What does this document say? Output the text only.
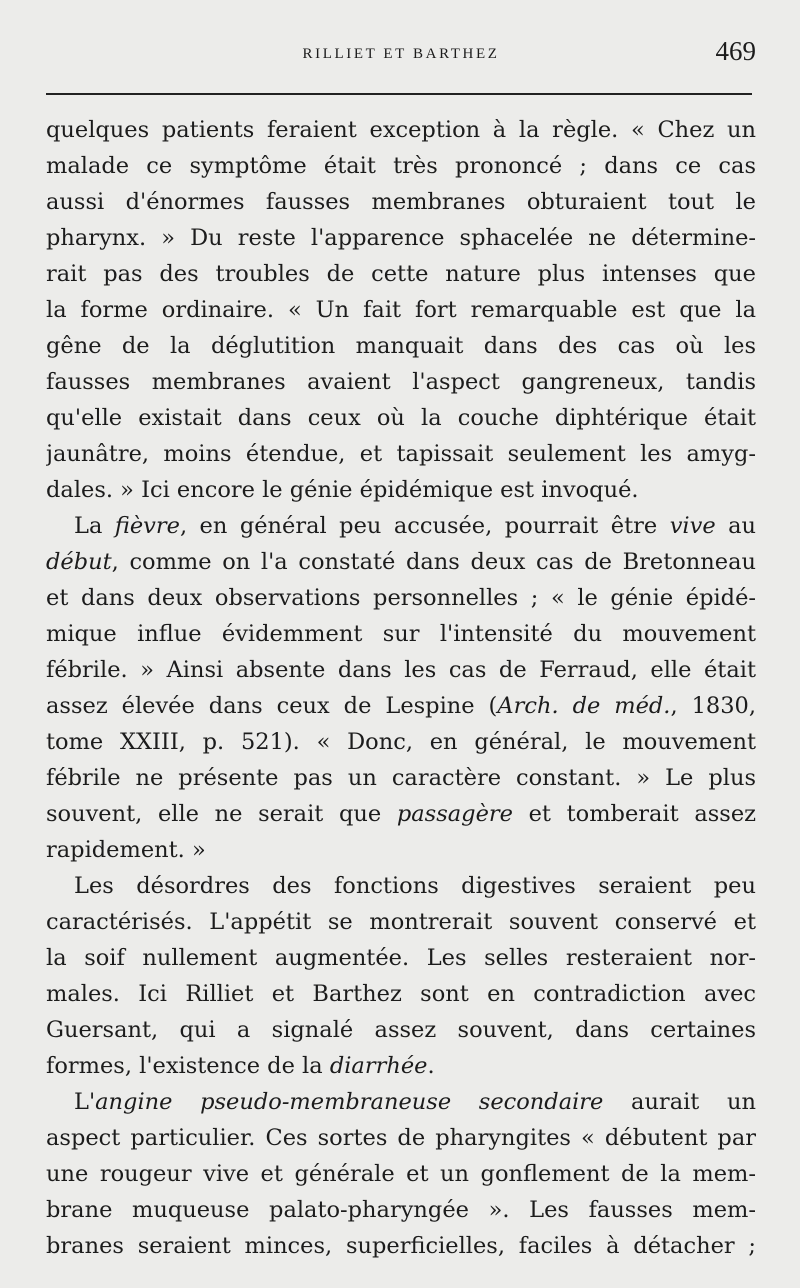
RILLIET ET BARTHEZ	469
quelques patients feraient exception à la règle. « Chez un
malade ce symptôme était très prononcé ; dans ce cas
aussi d'énormes fausses membranes obturaient tout le
pharynx. » Du reste l'apparence sphacelée ne détermine-
rait pas des troubles de cette nature plus intenses que
la forme ordinaire. « Un fait fort remarquable est que la
gêne de la déglutition manquait dans des cas où les
fausses membranes avaient l'aspect gangreneux, tandis
qu'elle existait dans ceux où la couche diphtérique était
jaunâtre, moins étendue, et tapissait seulement les amyg-
dales. » Ici encore le génie épidémique est invoqué.
La fièvre, en général peu accusée, pourrait être vive au
début, comme on l'a constaté dans deux cas de Bretonneau
et dans deux observations personnelles ; « le génie épidé-
mique influe évidemment sur l'intensité du mouvement
fébrile. » Ainsi absente dans les cas de Ferraud, elle était
assez élevée dans ceux de Lespine (Arch. de méd., 1830,
tome XXIII, p. 521). « Donc, en général, le mouvement
fébrile ne présente pas un caractère constant. » Le plus
souvent, elle ne serait que passagère et tomberait assez
rapidement. »
Les désordres des fonctions digestives seraient peu
caractérisés. L'appétit se montrerait souvent conservé et
la soif nullement augmentée. Les selles resteraient nor-
males. Ici Rilliet et Barthez sont en contradiction avec
Guersant, qui a signalé assez souvent, dans certaines
formes, l'existence de la diarrhée.
L'angine pseudo-membraneuse secondaire aurait un
aspect particulier. Ces sortes de pharyngites « débutent par
une rougeur vive et générale et un gonflement de la mem-
brane muqueuse palato-pharyngée ». Les fausses mem-
branes seraient minces, superficielles, faciles à détacher ;
